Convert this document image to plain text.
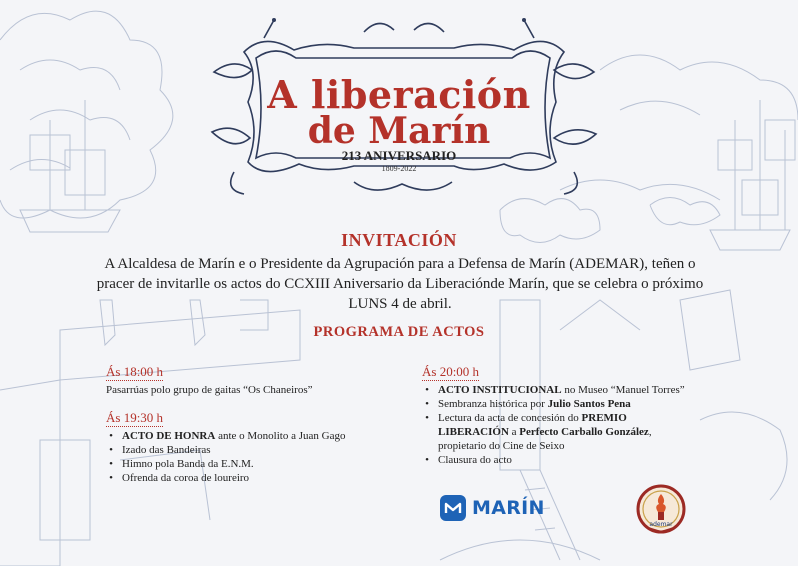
A liberación
de Marín
213 ANIVERSARIO
1809-2022
INVITACIÓN
A Alcaldesa de Marín e o Presidente da Agrupación para a Defensa de Marín (ADEMAR), teñen o
pracer de invitarlle os actos do CCXIII Aniversario da Liberaciónde Marín, que se celebra o próximo
LUNS 4 de abril.
PROGRAMA DE ACTOS
Ás 18:00 h
Pasarrúas polo grupo de gaitas “Os Chaneiros”
Ás 19:30 h
• ACTO DE HONRA ante o Monolito a Juan Gago
• Izado das Bandeiras
• Himno pola Banda da E.N.M.
• Ofrenda da coroa de loureiro
Ás 20:00 h
• ACTO INSTITUCIONAL no Museo “Manuel Torres”
• Sembranza histórica por Julio Santos Pena
• Lectura da acta de concesión do PREMIO
LIBERACIÓN a Perfecto Carballo González,
propietario do Cine de Seixo
• Clausura do acto
MARÍN
ademar
